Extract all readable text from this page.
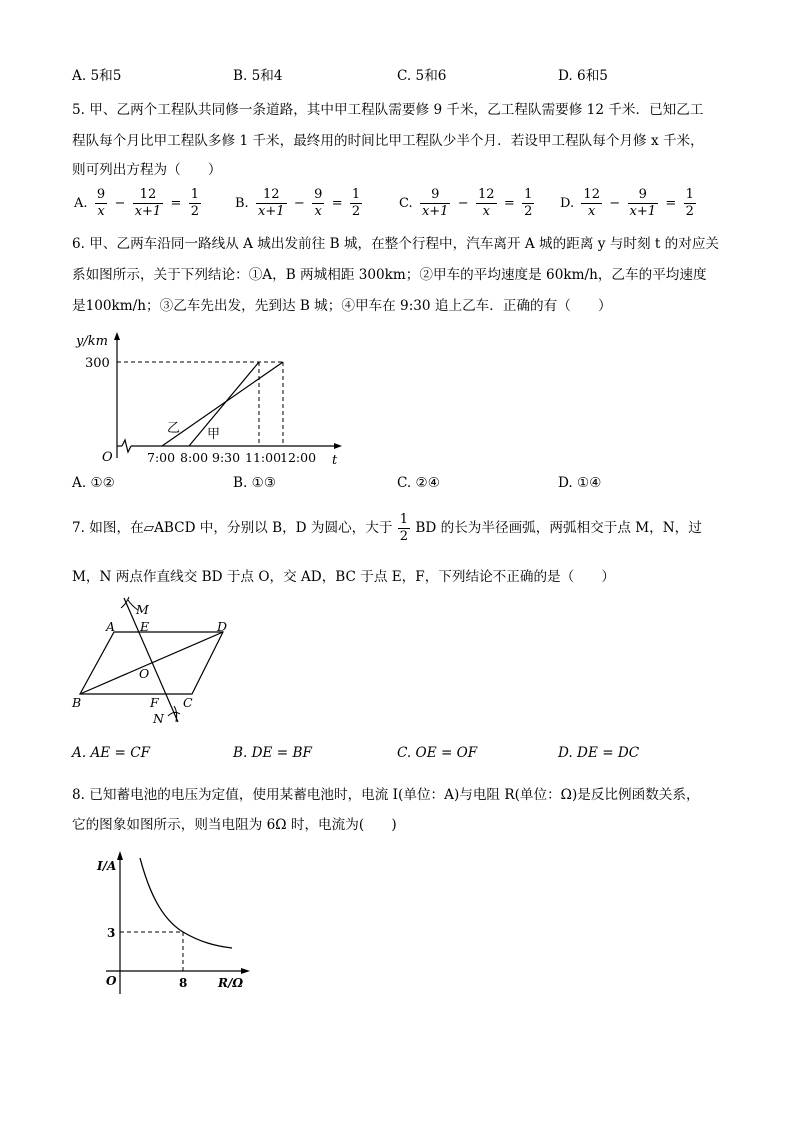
A. 5和5	B. 5和4	C. 5和6	D. 6和5
5. 甲、乙两个工程队共同修一条道路，其中甲工程队需要修 9 千米，乙工程队需要修 12 千米．已知乙工
程队每个月比甲工程队多修 1 千米，最终用的时间比甲工程队少半个月．若设甲工程队每个月修 x 千米，
则可列出方程为（　　）
A. $\frac{9}{x} - \frac{12}{x+1} = \frac{1}{2}$	B. $\frac{12}{x+1} - \frac{9}{x} = \frac{1}{2}$	C. $\frac{9}{x+1} - \frac{12}{x} = \frac{1}{2} D$. $\frac{12}{x} - \frac{9}{x+1} = \frac{1}{2}$
6. 甲、乙两车沿同一路线从 A 城出发前往 B 城，在整个行程中，汽车离开 A 城的距离 y 与时刻 t 的对应关
系如图所示，关于下列结论：①A，B 两城相距 300km；②甲车的平均速度是 60km/h，乙车的平均速度
是100km/h；③乙车先出发，先到达 B 城；④甲车在 9:30 追上乙车．正确的有（　　）
y/km
300
O	t
7:00 8:00 9:30 11:00
12:00
乙 甲
A. ①②	B. ①③	C. ②④	D. ①④
7. 如图，在▱ABCD 中，分别以 B，D 为圆心，大于 $\frac{1}{2}$ BD 的长为半径画弧，两弧相交于点 M，N，过
M，N 两点作直线交 BD 于点 O，交 AD，BC 于点 E，F，下列结论不正确的是（　　）
M
A E	D
O
B	F C
N
A. AE = CF	B. DE = BF	C. OE = OF	D. DE = DC
8. 已知蓄电池的电压为定值，使用某蓄电池时，电流 I(单位：A)与电阻 R(单位：Ω)是反比例函数关系，
它的图象如图所示，则当电阻为 6Ω 时，电流为(　　)
I/A
3
O	8	R/Ω
